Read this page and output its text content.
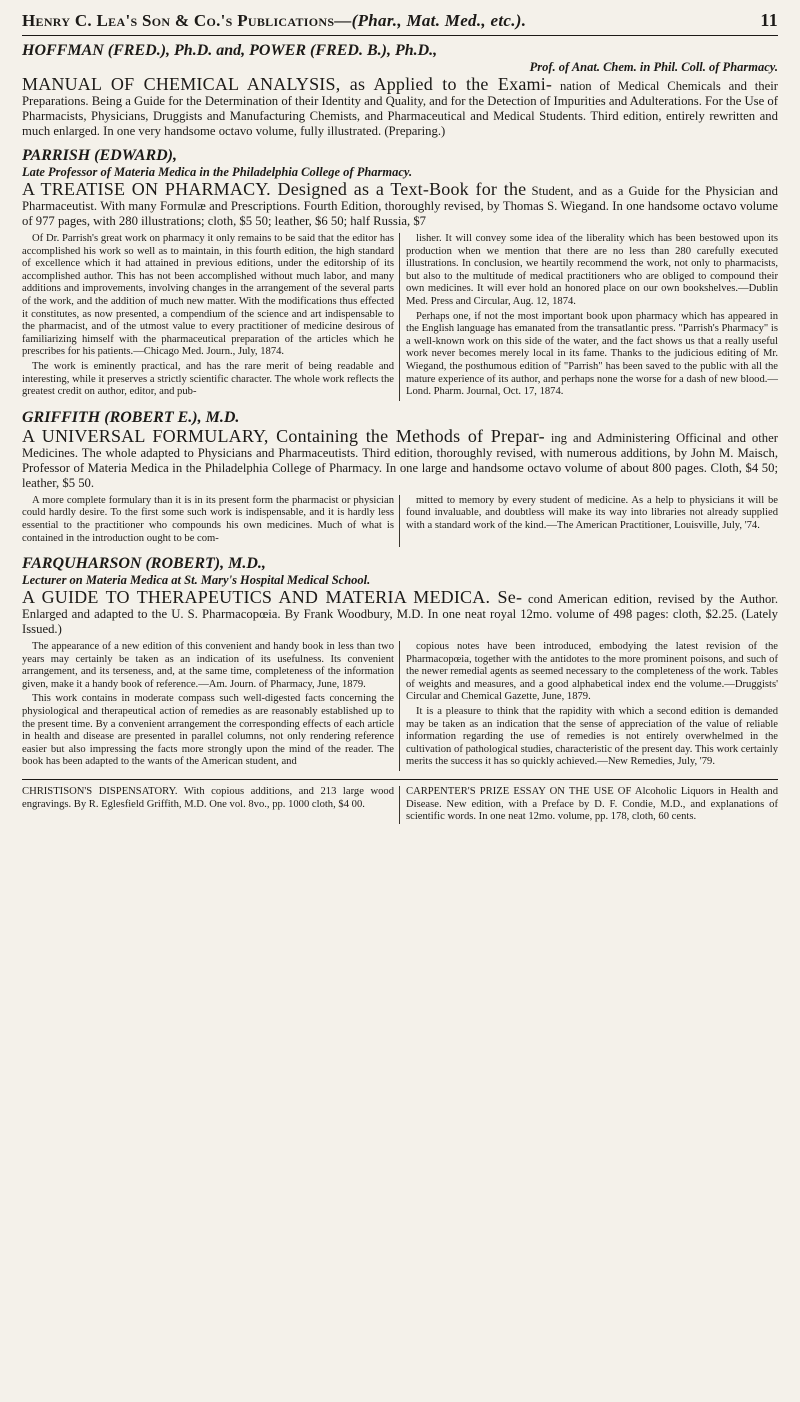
Henry C. Lea's Son & Co.'s Publications—(Phar., Mat. Med., etc.).	11
HOFFMAN (FRED.), Ph.D. and, POWER (FRED. B.), Ph.D.,
Prof. of Anat. Chem. in Phil. Coll. of Pharmacy.
MANUAL OF CHEMICAL ANALYSIS, as Applied to the Exami- nation of Medical Chemicals and their Preparations. Being a Guide for the Determination of their Identity and Quality, and for the Detection of Impurities and Adulterations. For the Use of Pharmacists, Physicians, Druggists and Manufacturing Chemists, and Pharmaceutical and Medical Students. Third edition, entirely rewritten and much enlarged. In one very handsome octavo volume, fully illustrated. (Preparing.)
PARRISH (EDWARD),
Late Professor of Materia Medica in the Philadelphia College of Pharmacy.
A TREATISE ON PHARMACY. Designed as a Text-Book for the Student, and as a Guide for the Physician and Pharmaceutist. With many Formulæ and Prescriptions. Fourth Edition, thoroughly revised, by Thomas S. Wiegand. In one handsome octavo volume of 977 pages, with 280 illustrations; cloth, $5 50; leather, $6 50; half Russia, $7

Of Dr. Parrish's great work on pharmacy it only remains to be said that the editor has accomplished his work so well as to maintain, in this fourth edition, the high standard of excellence which it had attained in previous editions, under the editorship of its accomplished author. This has not been accomplished without much labor, and many additions and improvements, involving changes in the arrangement of the several parts of the work, and the addition of much new matter. With the modifications thus effected it constitutes, as now presented, a compendium of the science and art indispensable to the pharmacist, and of the utmost value to every practitioner of medicine desirous of familiarizing himself with the pharmaceutical preparation of the articles which he prescribes for his patients.—Chicago Med. Journ., July, 1874.

The work is eminently practical, and has the rare merit of being readable and interesting, while it preserves a strictly scientific character. The whole work reflects the greatest credit on author, editor, and pub-

lisher. It will convey some idea of the liberality which has been bestowed upon its production when we mention that there are no less than 280 carefully executed illustrations. In conclusion, we heartily recommend the work, not only to pharmacists, but also to the multitude of medical practitioners who are obliged to compound their own medicines. It will ever hold an honored place on our own bookshelves.—Dublin Med. Press and Circular, Aug. 12, 1874.

Perhaps one, if not the most important book upon pharmacy which has appeared in the English language has emanated from the transatlantic press. "Parrish's Pharmacy" is a well-known work on this side of the water, and the fact shows us that a really useful work never becomes merely local in its fame. Thanks to the judicious editing of Mr. Wiegand, the posthumous edition of "Parrish" has been saved to the public with all the mature experience of its author, and perhaps none the worse for a dash of new blood.—Lond. Pharm. Journal, Oct. 17, 1874.

GRIFFITH (ROBERT E.), M.D.
A UNIVERSAL FORMULARY, Containing the Methods of Prepar- ing and Administering Officinal and other Medicines. The whole adapted to Physicians and Pharmaceutists. Third edition, thoroughly revised, with numerous additions, by John M. Maisch, Professor of Materia Medica in the Philadelphia College of Pharmacy. In one large and handsome octavo volume of about 800 pages. Cloth, $4 50; leather, $5 50.

A more complete formulary than it is in its present form the pharmacist or physician could hardly desire. To the first some such work is indispensable, and it is hardly less essential to the practitioner who compounds his own medicines. Much of what is contained in the introduction ought to be com-

mitted to memory by every student of medicine. As a help to physicians it will be found invaluable, and doubtless will make its way into libraries not already supplied with a standard work of the kind.—The American Practitioner, Louisville, July, '74.

FARQUHARSON (ROBERT), M.D.,
Lecturer on Materia Medica at St. Mary's Hospital Medical School.
A GUIDE TO THERAPEUTICS AND MATERIA MEDICA. Se- cond American edition, revised by the Author. Enlarged and adapted to the U. S. Pharmacopœia. By Frank Woodbury, M.D. In one neat royal 12mo. volume of 498 pages: cloth, $2.25. (Lately Issued.)

The appearance of a new edition of this convenient and handy book in less than two years may certainly be taken as an indication of its usefulness. Its convenient arrangement, and its terseness, and, at the same time, completeness of the information given, make it a handy book of reference.—Am. Journ. of Pharmacy, June, 1879.

This work contains in moderate compass such well-digested facts concerning the physiological and therapeutical action of remedies as are reasonably established up to the present time. By a convenient arrangement the corresponding effects of each article in health and disease are presented in parallel columns, not only rendering reference easier but also impressing the facts more strongly upon the mind of the reader. The book has been adapted to the wants of the American student, and

copious notes have been introduced, embodying the latest revision of the Pharmacopœia, together with the antidotes to the more prominent poisons, and such of the newer remedial agents as seemed necessary to the completeness of the work. Tables of weights and measures, and a good alphabetical index end the volume.—Druggists' Circular and Chemical Gazette, June, 1879.

It is a pleasure to think that the rapidity with which a second edition is demanded may be taken as an indication that the sense of appreciation of the value of reliable information regarding the use of remedies is not entirely overwhelmed in the cultivation of pathological studies, characteristic of the present day. This work certainly merits the success it has so quickly achieved.—New Remedies, July, '79.

CHRISTISON'S DISPENSATORY. With copious additions, and 213 large wood engravings. By R. Eglesfield Griffith, M.D. One vol. 8vo., pp. 1000 cloth, $4 00.
CARPENTER'S PRIZE ESSAY ON THE USE OF Alcoholic Liquors in Health and Disease. New edition, with a Preface by D. F. Condie, M.D., and explanations of scientific words. In one neat 12mo. volume, pp. 178, cloth, 60 cents.
